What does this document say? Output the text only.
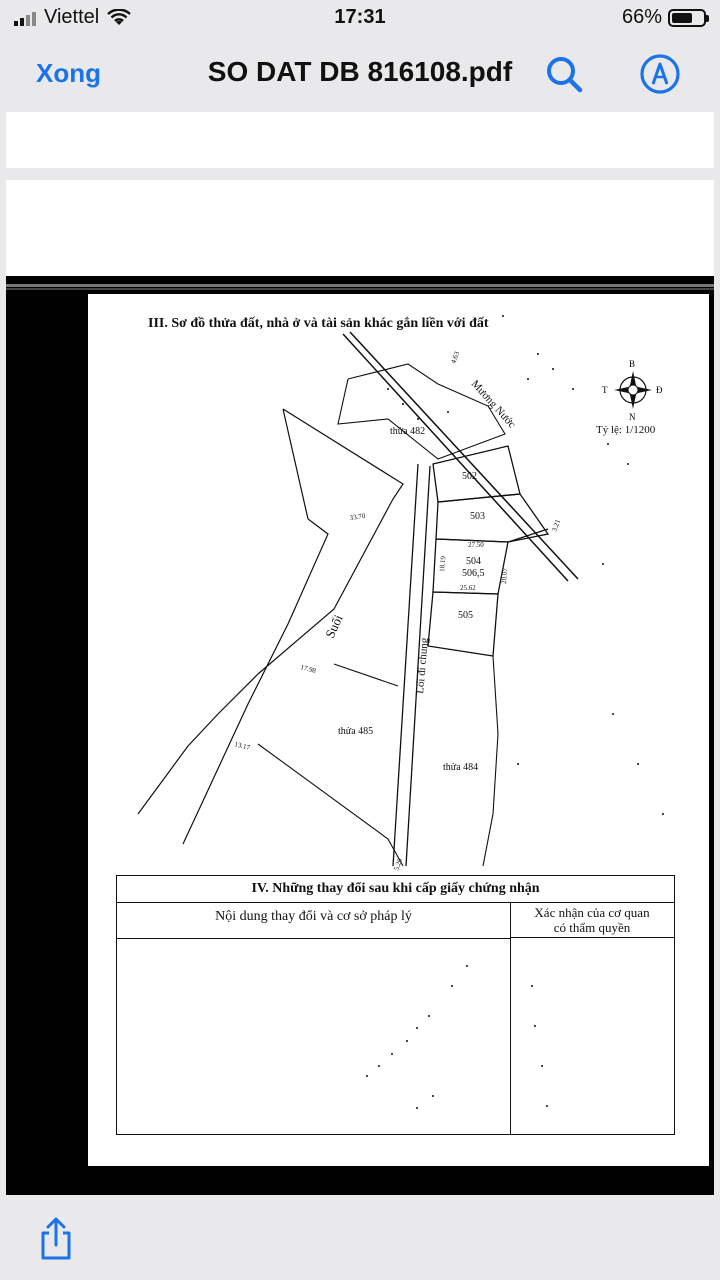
Viettel	17:31	66%
Xong	SO DAT DB 816108.pdf
III. Sơ đồ thửa đất, nhà ở và tài sản khác gắn liền với đất
thửa 482
502
503
504
506,5
505
thửa 485
thửa 484
Suối
Mương Nước
Lối đi chung
33.70
17.98
13.17
27.50
18.19
20.07
25.62
3.21
4.63
5.20
B
T	Đ
N
Tỷ lệ: 1/1200
IV. Những thay đổi sau khi cấp giấy chứng nhận
Nội dung thay đổi và cơ sở pháp lý	Xác nhận của cơ quan
có thẩm quyền
